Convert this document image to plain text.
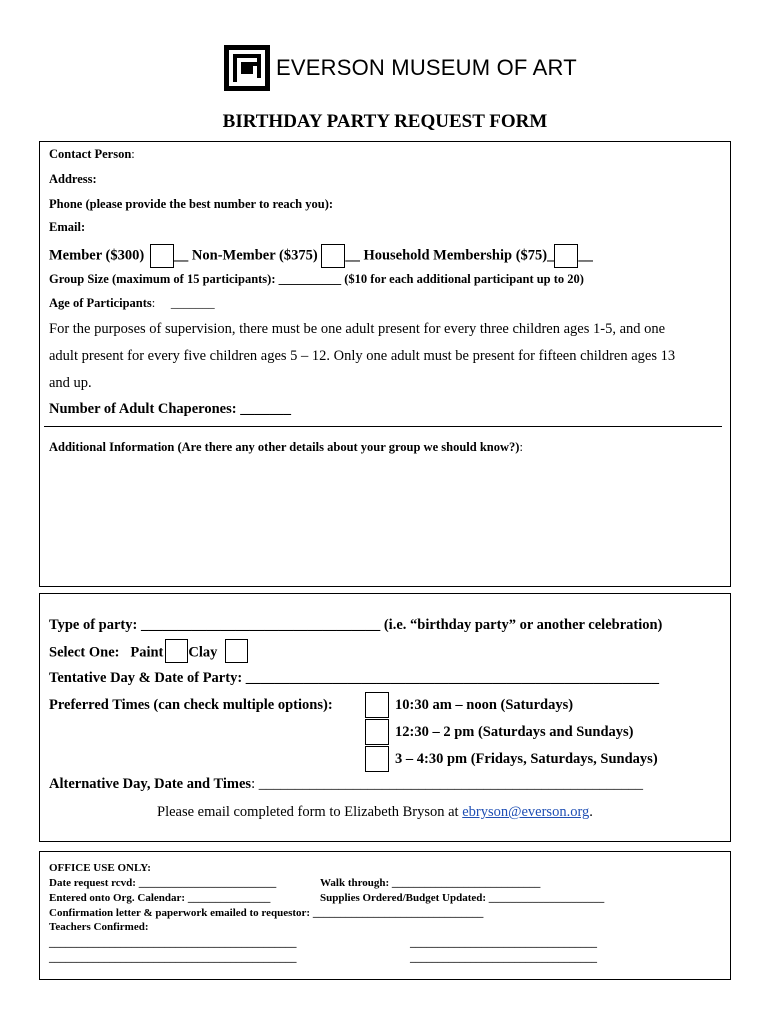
EVERSON MUSEUM OF ART
BIRTHDAY PARTY REQUEST FORM
Contact Person:
Address:
Phone (please provide the best number to reach you):
Email:
Member ($300) __ Non-Member ($375) __ Household Membership ($75)_ __
Group Size (maximum of 15 participants): __________ ($10 for each additional participant up to 20)
Age of Participants: _______
For the purposes of supervision, there must be one adult present for every three children ages 1-5, and one
adult present for every five children ages 5 – 12. Only one adult must be present for fifteen children ages 13
and up.
Number of Adult Chaperones: _______
Additional Information (Are there any other details about your group we should know?):
Type of party: _________________________________ (i.e. “birthday party” or another celebration)
Select One: Paint Clay
Tentative Day & Date of Party: _________________________________________________________
Preferred Times (can check multiple options):	10:30 am – noon (Saturdays)
12:30 – 2 pm (Saturdays and Sundays)
3 – 4:30 pm (Fridays, Saturdays, Sundays)
Alternative Day, Date and Times: _____________________________________________________
Please email completed form to Elizabeth Bryson at ebryson@everson.org.
OFFICE USE ONLY:
Date request rcvd: _________________________	Walk through: ___________________________
Entered onto Org. Calendar: _______________	Supplies Ordered/Budget Updated: _____________________
Confirmation letter & paperwork emailed to requestor: _______________________________
Teachers Confirmed:
_____________________________________________	__________________________________
_____________________________________________	__________________________________
